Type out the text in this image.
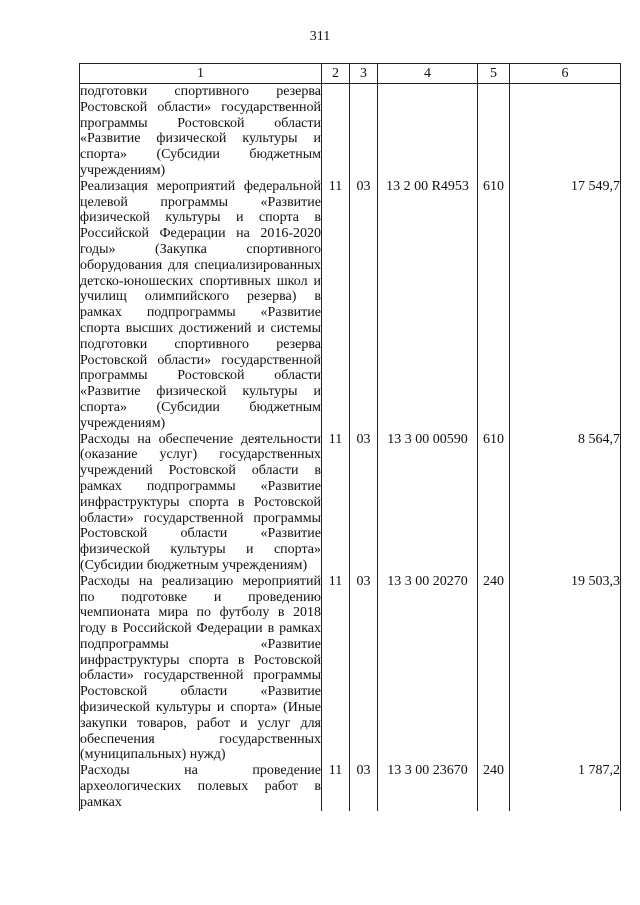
311
1	2	3	4	5	6
подготовки спортивного резерва Ростовской области» государственной программы Ростовской области «Развитие физической культуры и спорта» (Субсидии бюджетным учреждениям)					
Реализация мероприятий федеральной целевой программы «Развитие физической культуры и спорта в Российской Федерации на 2016-2020 годы» (Закупка спортивного оборудования для специализированных детско-юношеских спортивных школ и училищ олимпийского резерва) в рамках подпрограммы «Развитие спорта высших достижений и системы подготовки спортивного резерва Ростовской области» государственной программы Ростовской области «Развитие физической культуры и спорта» (Субсидии бюджетным учреждениям)	11	03	13 2 00 R4953	610	17 549,7
Расходы на обеспечение деятельности (оказание услуг) государственных учреждений Ростовской области в рамках подпрограммы «Развитие инфраструктуры спорта в Ростовской области» государственной программы Ростовской области «Развитие физической культуры и спорта» (Субсидии бюджетным учреждениям)	11	03	13 3 00 00590	610	8 564,7
Расходы на реализацию мероприятий по подготовке и проведению чемпионата мира по футболу в 2018 году в Российской Федерации в рамках подпрограммы «Развитие инфраструктуры спорта в Ростовской области» государственной программы Ростовской области «Развитие физической культуры и спорта» (Иные закупки товаров, работ и услуг для обеспечения государственных (муниципальных) нужд)	11	03	13 3 00 20270	240	19 503,3
Расходы на проведение археологических полевых работ в рамках	11	03	13 3 00 23670	240	1 787,2
